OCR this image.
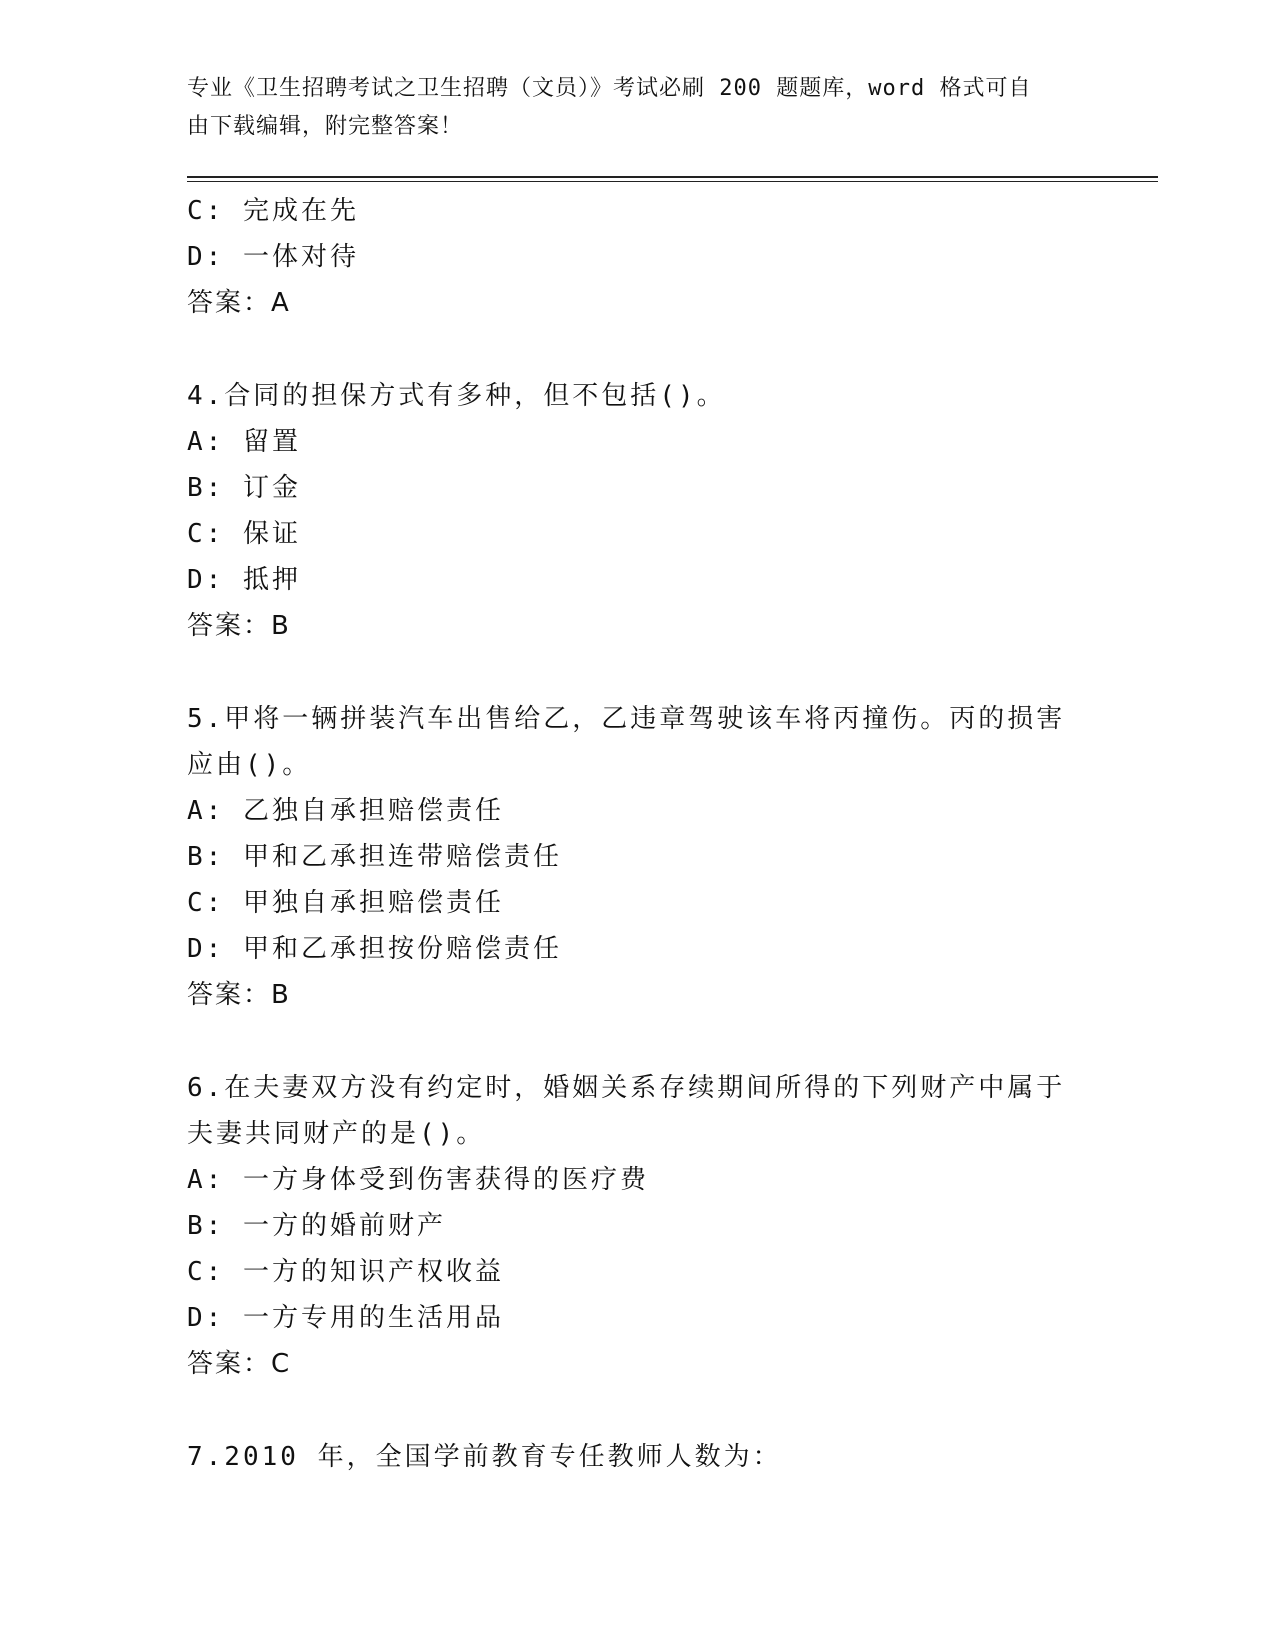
专业《卫生招聘考试之卫生招聘（文员）》考试必刷 200 题题库，word 格式可自
由下载编辑，附完整答案！
C: 完成在先
D: 一体对待
答案：A
4.合同的担保方式有多种，但不包括()。
A: 留置
B: 订金
C: 保证
D: 抵押
答案：B
5.甲将一辆拼装汽车出售给乙，乙违章驾驶该车将丙撞伤。丙的损害
应由()。
A: 乙独自承担赔偿责任
B: 甲和乙承担连带赔偿责任
C: 甲独自承担赔偿责任
D: 甲和乙承担按份赔偿责任
答案：B
6.在夫妻双方没有约定时，婚姻关系存续期间所得的下列财产中属于
夫妻共同财产的是()。
A: 一方身体受到伤害获得的医疗费
B: 一方的婚前财产
C: 一方的知识产权收益
D: 一方专用的生活用品
答案：C
7.2010 年，全国学前教育专任教师人数为：
